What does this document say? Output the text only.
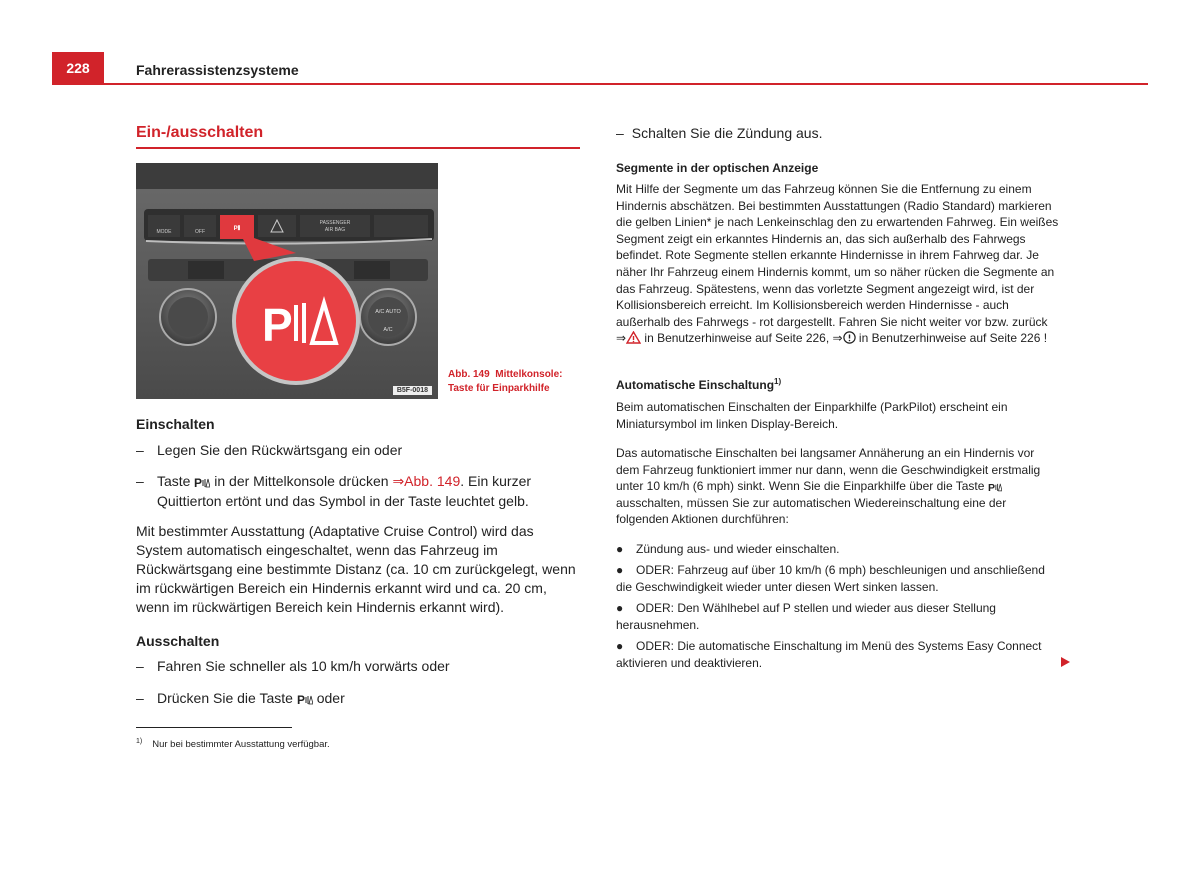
228	Fahrerassistenzsysteme
Ein-/ausschalten
MODE	OFF	P⦀
PASSENGER
AIR BAG
A/C AUTO
A/C
P
B5F-0018
Abb. 149 Mittelkonsole:
Taste für Einparkhilfe
Einschalten
– Legen Sie den Rückwärtsgang ein oder
– Taste P in der Mittelkonsole drücken ⇒Abb. 149. Ein kurzer Quittierton ertönt und das Symbol in der Taste leuchtet gelb.
Mit bestimmter Ausstattung (Adaptative Cruise Control) wird das System automatisch eingeschaltet, wenn das Fahrzeug im Rückwärtsgang eine bestimmte Distanz (ca. 10 cm zurückgelegt, wenn im rückwärtigen Bereich ein Hindernis erkannt wird und ca. 20 cm, wenn im rückwärtigen Bereich kein Hindernis erkannt wird).
Ausschalten
– Fahren Sie schneller als 10 km/h vorwärts oder
– Drücken Sie die Taste P oder
$^{1)}$ Nur bei bestimmter Ausstattung verfügbar.
– Schalten Sie die Zündung aus.
Segmente in der optischen Anzeige
Mit Hilfe der Segmente um das Fahrzeug können Sie die Entfernung zu einem Hindernis abschätzen. Bei bestimmten Ausstattungen (Radio Standard) markieren die gelben Linien* je nach Lenkeinschlag den zu erwartenden Fahrweg. Ein weißes Segment zeigt ein erkanntes Hindernis an, das sich außerhalb des Fahrwegs befindet. Rote Segmente stellen erkannte Hindernisse in ihrem Fahrweg dar. Je näher Ihr Fahrzeug einem Hindernis kommt, um so näher rücken die Segmente an das Fahrzeug. Spätestens, wenn das vorletzte Segment angezeigt wird, ist der Kollisionsbereich erreicht. Im Kollisionsbereich werden Hindernisse - auch außerhalb des Fahrwegs - rot dargestellt. Fahren Sie nicht weiter vor bzw. zurück ⇒ in Benutzerhinweise auf Seite 226, ⇒ in Benutzerhinweise auf Seite 226 !
Automatische Einschaltung$^{1)}$
Beim automatischen Einschalten der Einparkhilfe (ParkPilot) erscheint ein Miniatursymbol im linken Display-Bereich.
Das automatische Einschalten bei langsamer Annäherung an ein Hindernis vor dem Fahrzeug funktioniert immer nur dann, wenn die Geschwindigkeit erstmalig unter 10 km/h (6 mph) sinkt. Wenn Sie die Einparkhilfe über die Taste P
ausschalten, müssen Sie zur automatischen Wiedereinschaltung eine der folgenden Aktionen durchführen:
●	Zündung aus- und wieder einschalten.
●	ODER: Fahrzeug auf über 10 km/h (6 mph) beschleunigen und anschließend die Geschwindigkeit wieder unter diesen Wert sinken lassen.
●	ODER: Den Wählhebel auf P stellen und wieder aus dieser Stellung herausnehmen.
●	ODER: Die automatische Einschaltung im Menü des Systems Easy Connect aktivieren und deaktivieren.
